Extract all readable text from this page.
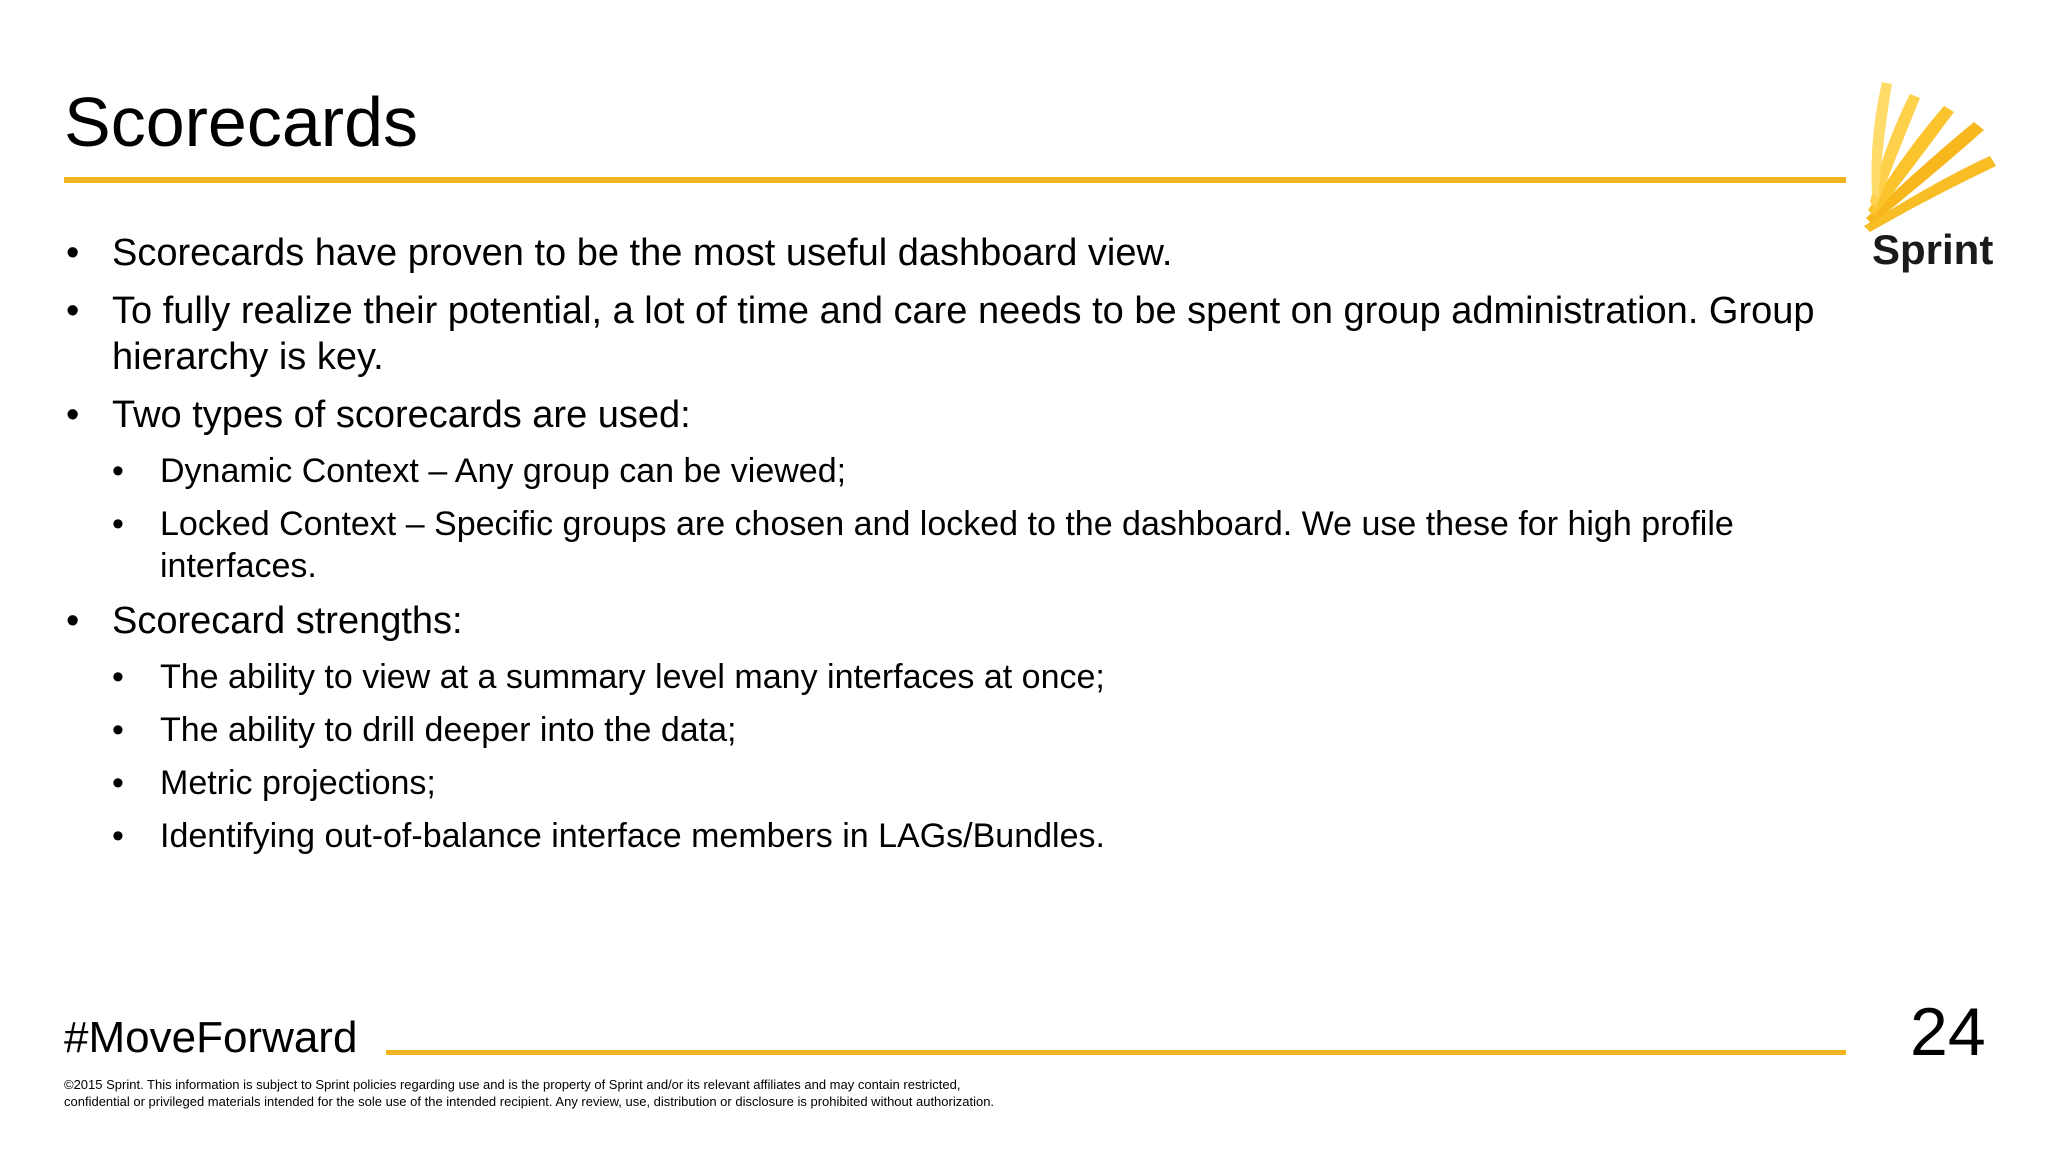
Scorecards
Sprint

• Scorecards have proven to be the most useful dashboard view.

• To fully realize their potential, a lot of time and care needs to be spent on group administration. Group hierarchy is key.

• Two types of scorecards are used:

• Dynamic Context – Any group can be viewed;

• Locked Context – Specific groups are chosen and locked to the dashboard. We use these for high profile interfaces.

• Scorecard strengths:

• The ability to view at a summary level many interfaces at once;

• The ability to drill deeper into the data;

• Metric projections;

• Identifying out-of-balance interface members in LAGs/Bundles.

#MoveForward	24
©2015 Sprint. This information is subject to Sprint policies regarding use and is the property of Sprint and/or its relevant affiliates and may contain restricted,
confidential or privileged materials intended for the sole use of the intended recipient. Any review, use, distribution or disclosure is prohibited without authorization.
